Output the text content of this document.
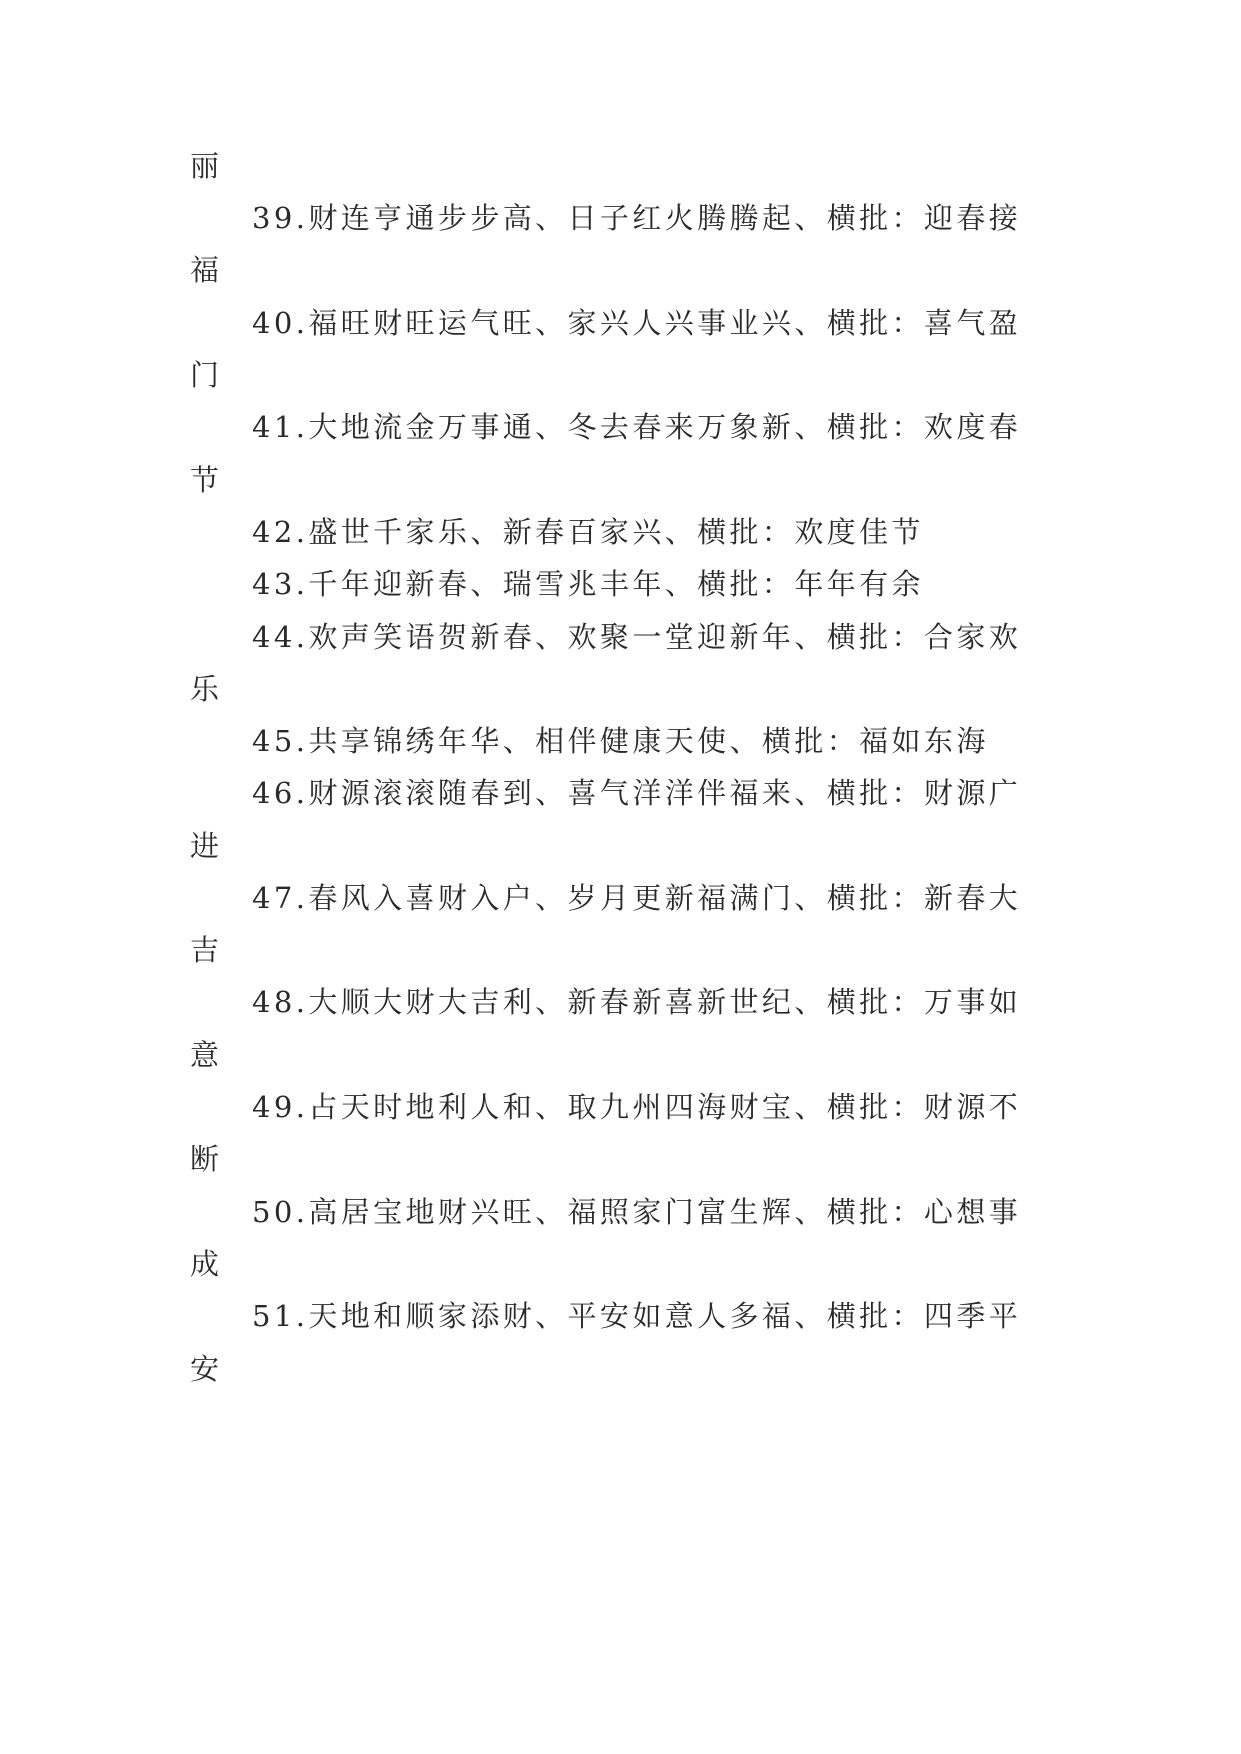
丽
39.财连亨通步步高、日子红火腾腾起、横批：迎春接
福
40.福旺财旺运气旺、家兴人兴事业兴、横批：喜气盈
门
41.大地流金万事通、冬去春来万象新、横批：欢度春
节
42.盛世千家乐、新春百家兴、横批：欢度佳节
43.千年迎新春、瑞雪兆丰年、横批：年年有余
44.欢声笑语贺新春、欢聚一堂迎新年、横批：合家欢
乐
45.共享锦绣年华、相伴健康天使、横批：福如东海
46.财源滚滚随春到、喜气洋洋伴福来、横批：财源广
进
47.春风入喜财入户、岁月更新福满门、横批：新春大
吉
48.大顺大财大吉利、新春新喜新世纪、横批：万事如
意
49.占天时地利人和、取九州四海财宝、横批：财源不
断
50.高居宝地财兴旺、福照家门富生辉、横批：心想事
成
51.天地和顺家添财、平安如意人多福、横批：四季平
安
